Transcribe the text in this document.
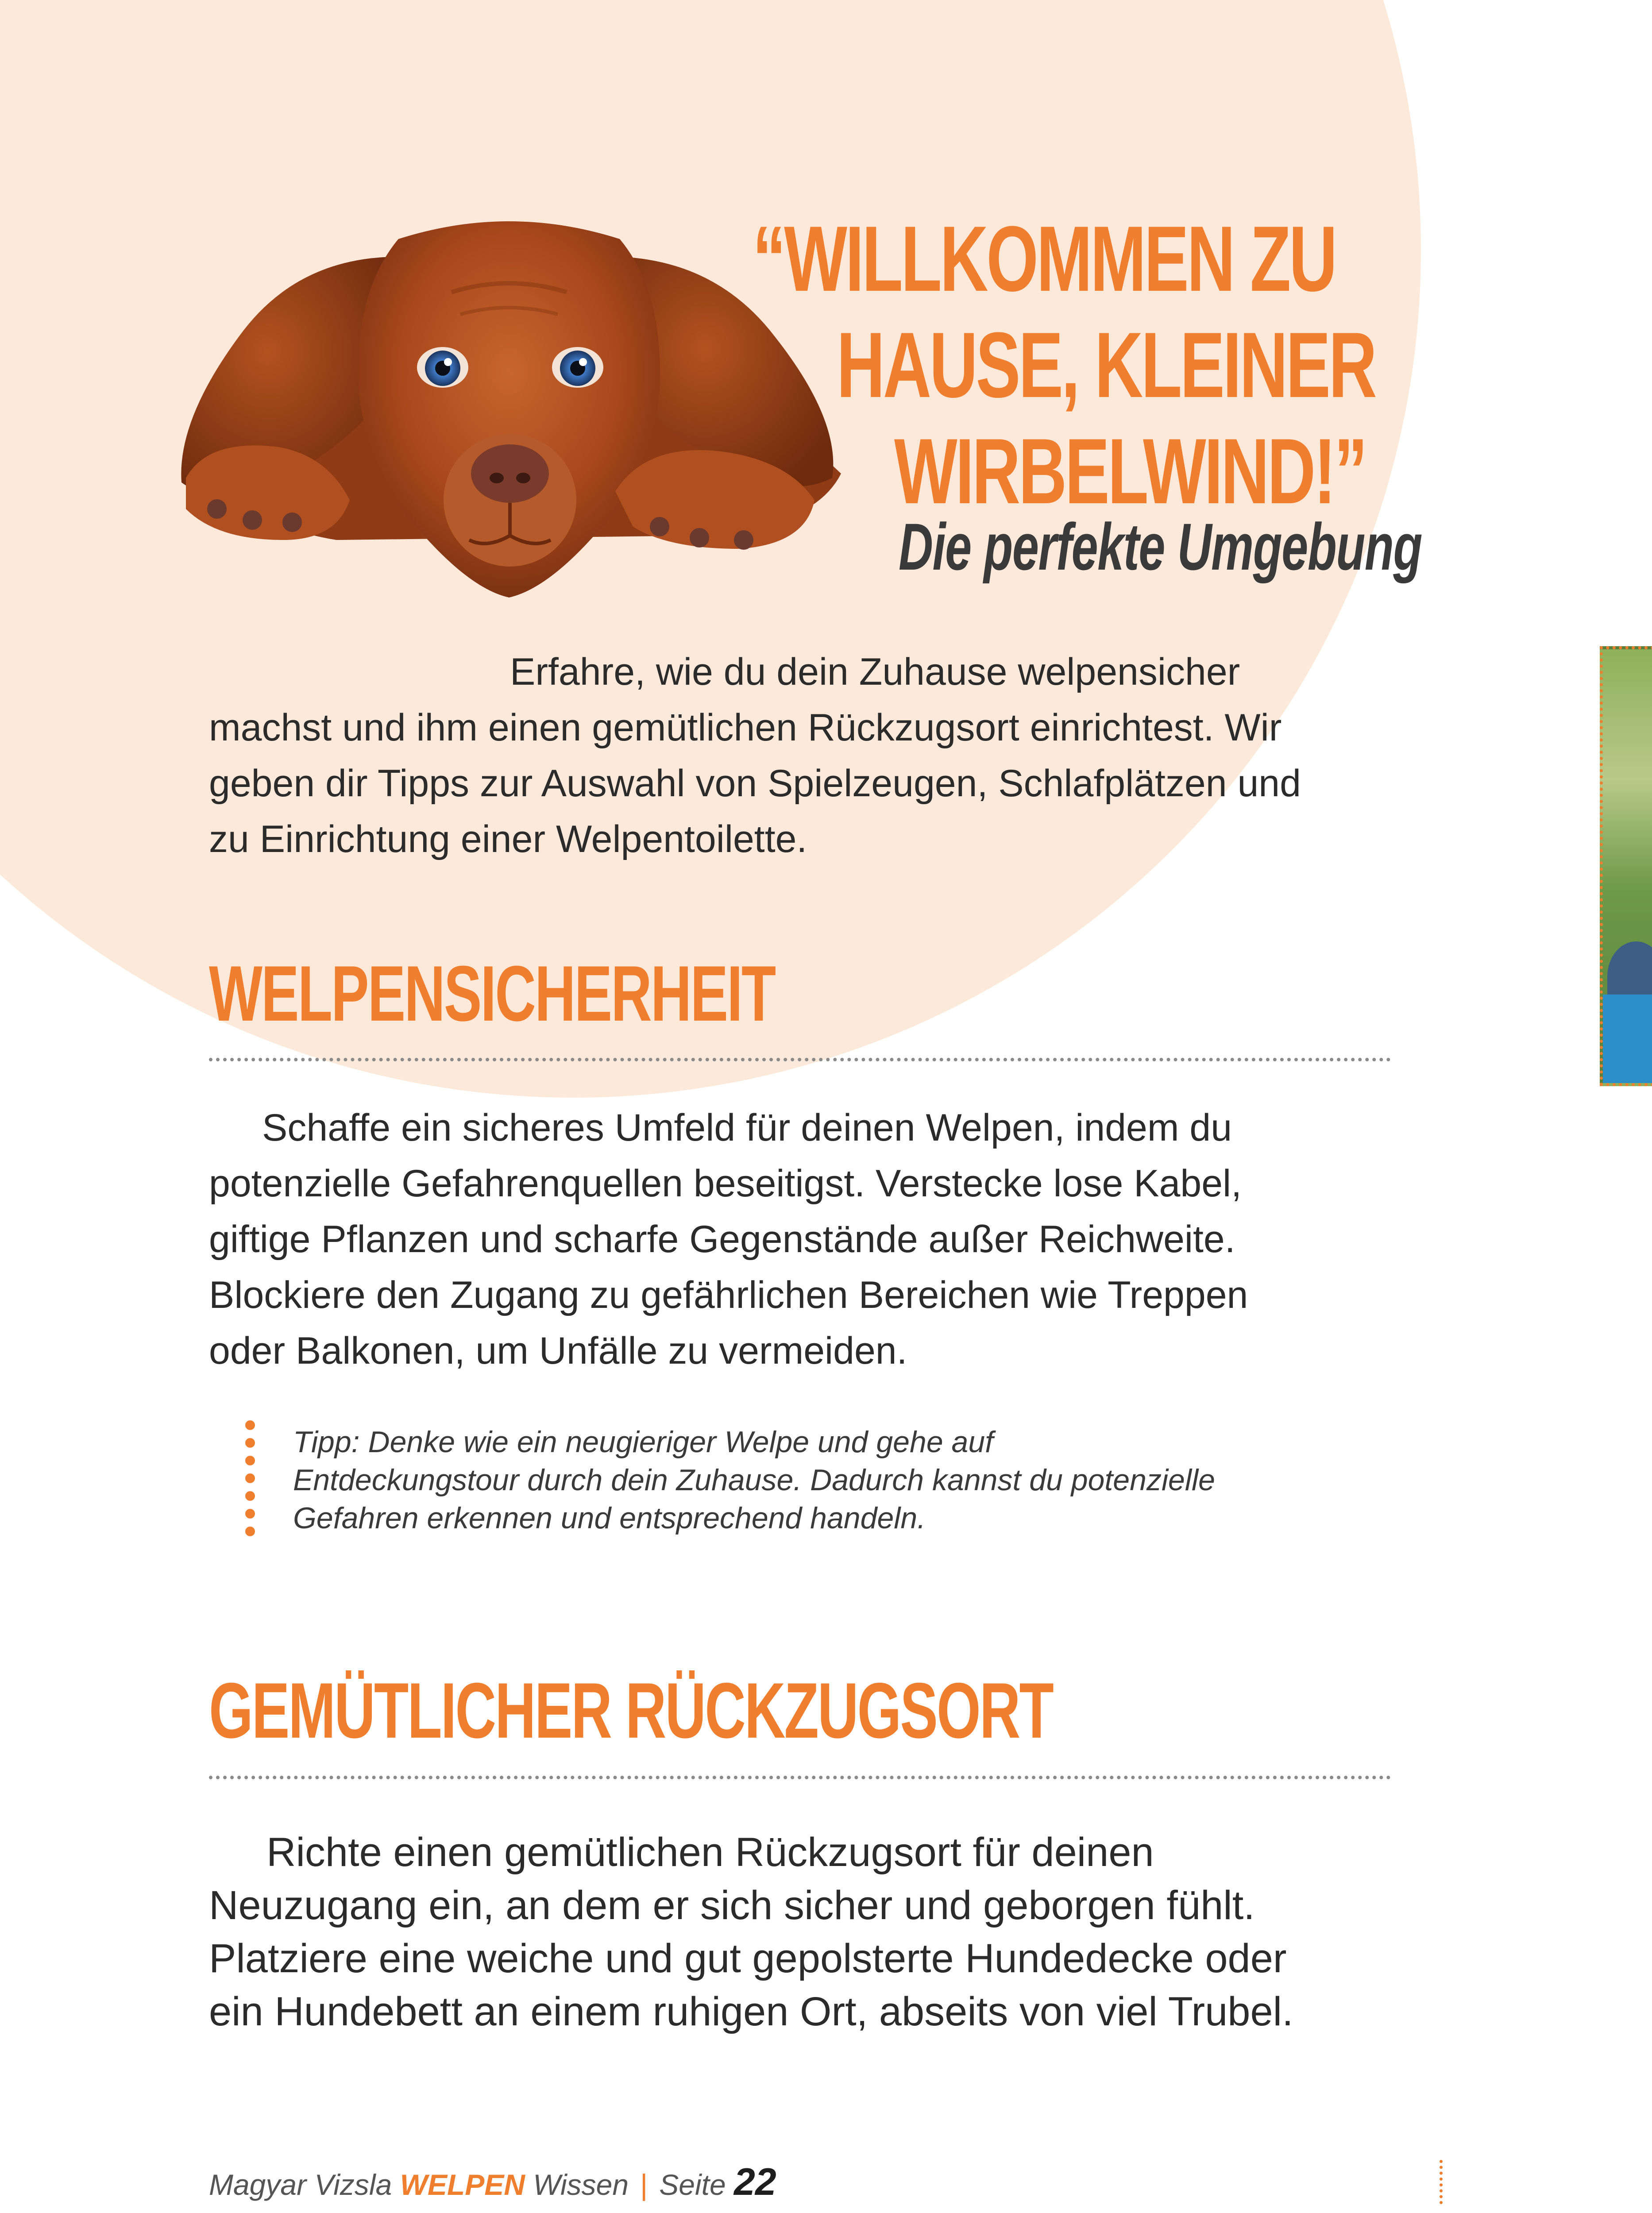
“WILLKOMMEN ZU
HAUSE, KLEINER
WIRBELWIND!”
Die perfekte Umgebung
Erfahre, wie du dein Zuhause welpensicher
machst und ihm einen gemütlichen Rückzugsort einrichtest. Wir
geben dir Tipps zur Auswahl von Spielzeugen, Schlafplätzen und
zu Einrichtung einer Welpentoilette.
WELPENSICHERHEIT
Schaffe ein sicheres Umfeld für deinen Welpen, indem du
potenzielle Gefahrenquellen beseitigst. Verstecke lose Kabel,
giftige Pflanzen und scharfe Gegenstände außer Reichweite.
Blockiere den Zugang zu gefährlichen Bereichen wie Treppen
oder Balkonen, um Unfälle zu vermeiden.
Tipp: Denke wie ein neugieriger Welpe und gehe auf
Entdeckungstour durch dein Zuhause. Dadurch kannst du potenzielle
Gefahren erkennen und entsprechend handeln.
GEMÜTLICHER RÜCKZUGSORT
Richte einen gemütlichen Rückzugsort für deinen
Neuzugang ein, an dem er sich sicher und geborgen fühlt.
Platziere eine weiche und gut gepolsterte Hundedecke oder
ein Hundebett an einem ruhigen Ort, abseits von viel Trubel.
Magyar Vizsla WELPEN Wissen | Seite 22
